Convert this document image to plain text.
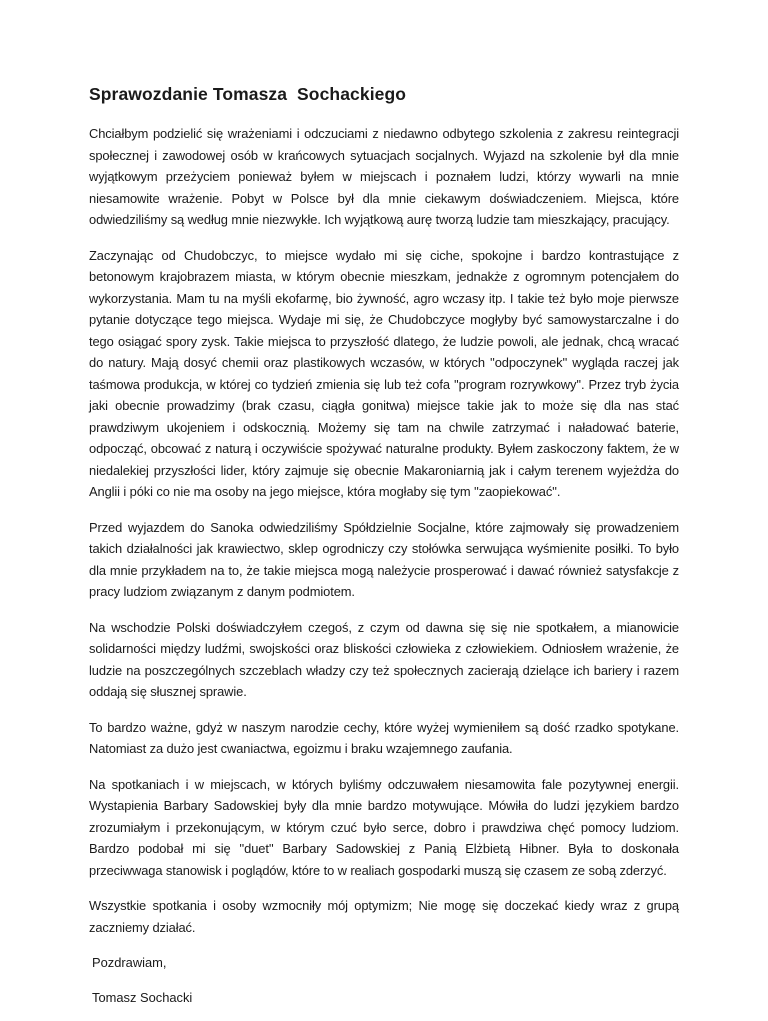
Sprawozdanie Tomasza  Sochackiego

Chciałbym podzielić się wrażeniami i odczuciami z niedawno odbytego szkolenia z zakresu reintegracji społecznej i zawodowej osób w krańcowych sytuacjach socjalnych. Wyjazd na szkolenie był dla mnie wyjątkowym przeżyciem ponieważ byłem w miejscach i poznałem ludzi, którzy wywarli na mnie niesamowite wrażenie. Pobyt w Polsce był dla mnie ciekawym doświadczeniem. Miejsca, które odwiedziliśmy są według mnie niezwykłe. Ich wyjątkową aurę tworzą ludzie tam mieszkający, pracujący.

Zaczynając od Chudobczyc, to miejsce wydało mi się ciche, spokojne i bardzo kontrastujące z betonowym krajobrazem miasta, w którym obecnie mieszkam, jednakże z ogromnym potencjałem do wykorzystania. Mam tu na myśli ekofarmę, bio żywność, agro wczasy itp. I takie też było moje pierwsze pytanie dotyczące tego miejsca. Wydaje mi się, że Chudobczyce mogłyby być samowystarczalne i do tego osiągać spory zysk. Takie miejsca to przyszłość dlatego, że ludzie powoli, ale jednak, chcą wracać do natury. Mają dosyć chemii oraz plastikowych wczasów, w których ''odpoczynek'' wygląda raczej jak taśmowa produkcja, w której co tydzień zmienia się lub też cofa ''program rozrywkowy''. Przez tryb życia jaki obecnie prowadzimy (brak czasu, ciągła gonitwa) miejsce takie jak to może się dla nas stać prawdziwym ukojeniem i odskocznią. Możemy się tam na chwile zatrzymać i naładować baterie, odpocząć, obcować z naturą i oczywiście spożywać naturalne produkty. Byłem zaskoczony faktem, że w niedalekiej przyszłości lider, który zajmuje się obecnie Makaroniarnią jak i całym terenem wyjeżdża do Anglii i póki co nie ma osoby na jego miejsce, która mogłaby się tym ''zaopiekować''.

Przed wyjazdem do Sanoka odwiedziliśmy Spółdzielnie Socjalne, które zajmowały się prowadzeniem takich działalności jak krawiectwo, sklep ogrodniczy czy stołówka serwująca wyśmienite posiłki. To było dla mnie przykładem na to, że takie miejsca mogą należycie prosperować i dawać również satysfakcje z pracy ludziom związanym z danym podmiotem.

Na wschodzie Polski doświadczyłem czegoś, z czym od dawna się się nie spotkałem, a mianowicie solidarności między ludźmi, swojskości oraz bliskości człowieka z człowiekiem. Odniosłem wrażenie, że ludzie na poszczególnych szczeblach władzy czy też społecznych zacierają dzielące ich bariery i razem oddają się słusznej sprawie.

To bardzo ważne, gdyż w naszym narodzie cechy, które wyżej wymieniłem są dość rzadko spotykane. Natomiast za dużo jest cwaniactwa, egoizmu i braku wzajemnego zaufania.

Na spotkaniach i w miejscach, w których byliśmy odczuwałem niesamowita fale pozytywnej energii. Wystapienia Barbary Sadowskiej były dla mnie bardzo motywujące. Mówiła do ludzi językiem bardzo zrozumiałym i przekonującym, w którym czuć było serce, dobro i prawdziwa chęć pomocy ludziom. Bardzo podobał mi się ''duet'' Barbary Sadowskiej z Panią Elżbietą Hibner. Była to doskonała przeciwwaga stanowisk i poglądów, które to w realiach gospodarki muszą się czasem ze sobą zderzyć.

Wszystkie spotkania i osoby wzmocniły mój optymizm; Nie mogę się doczekać kiedy wraz z grupą zaczniemy działać.

Pozdrawiam,

Tomasz Sochacki
